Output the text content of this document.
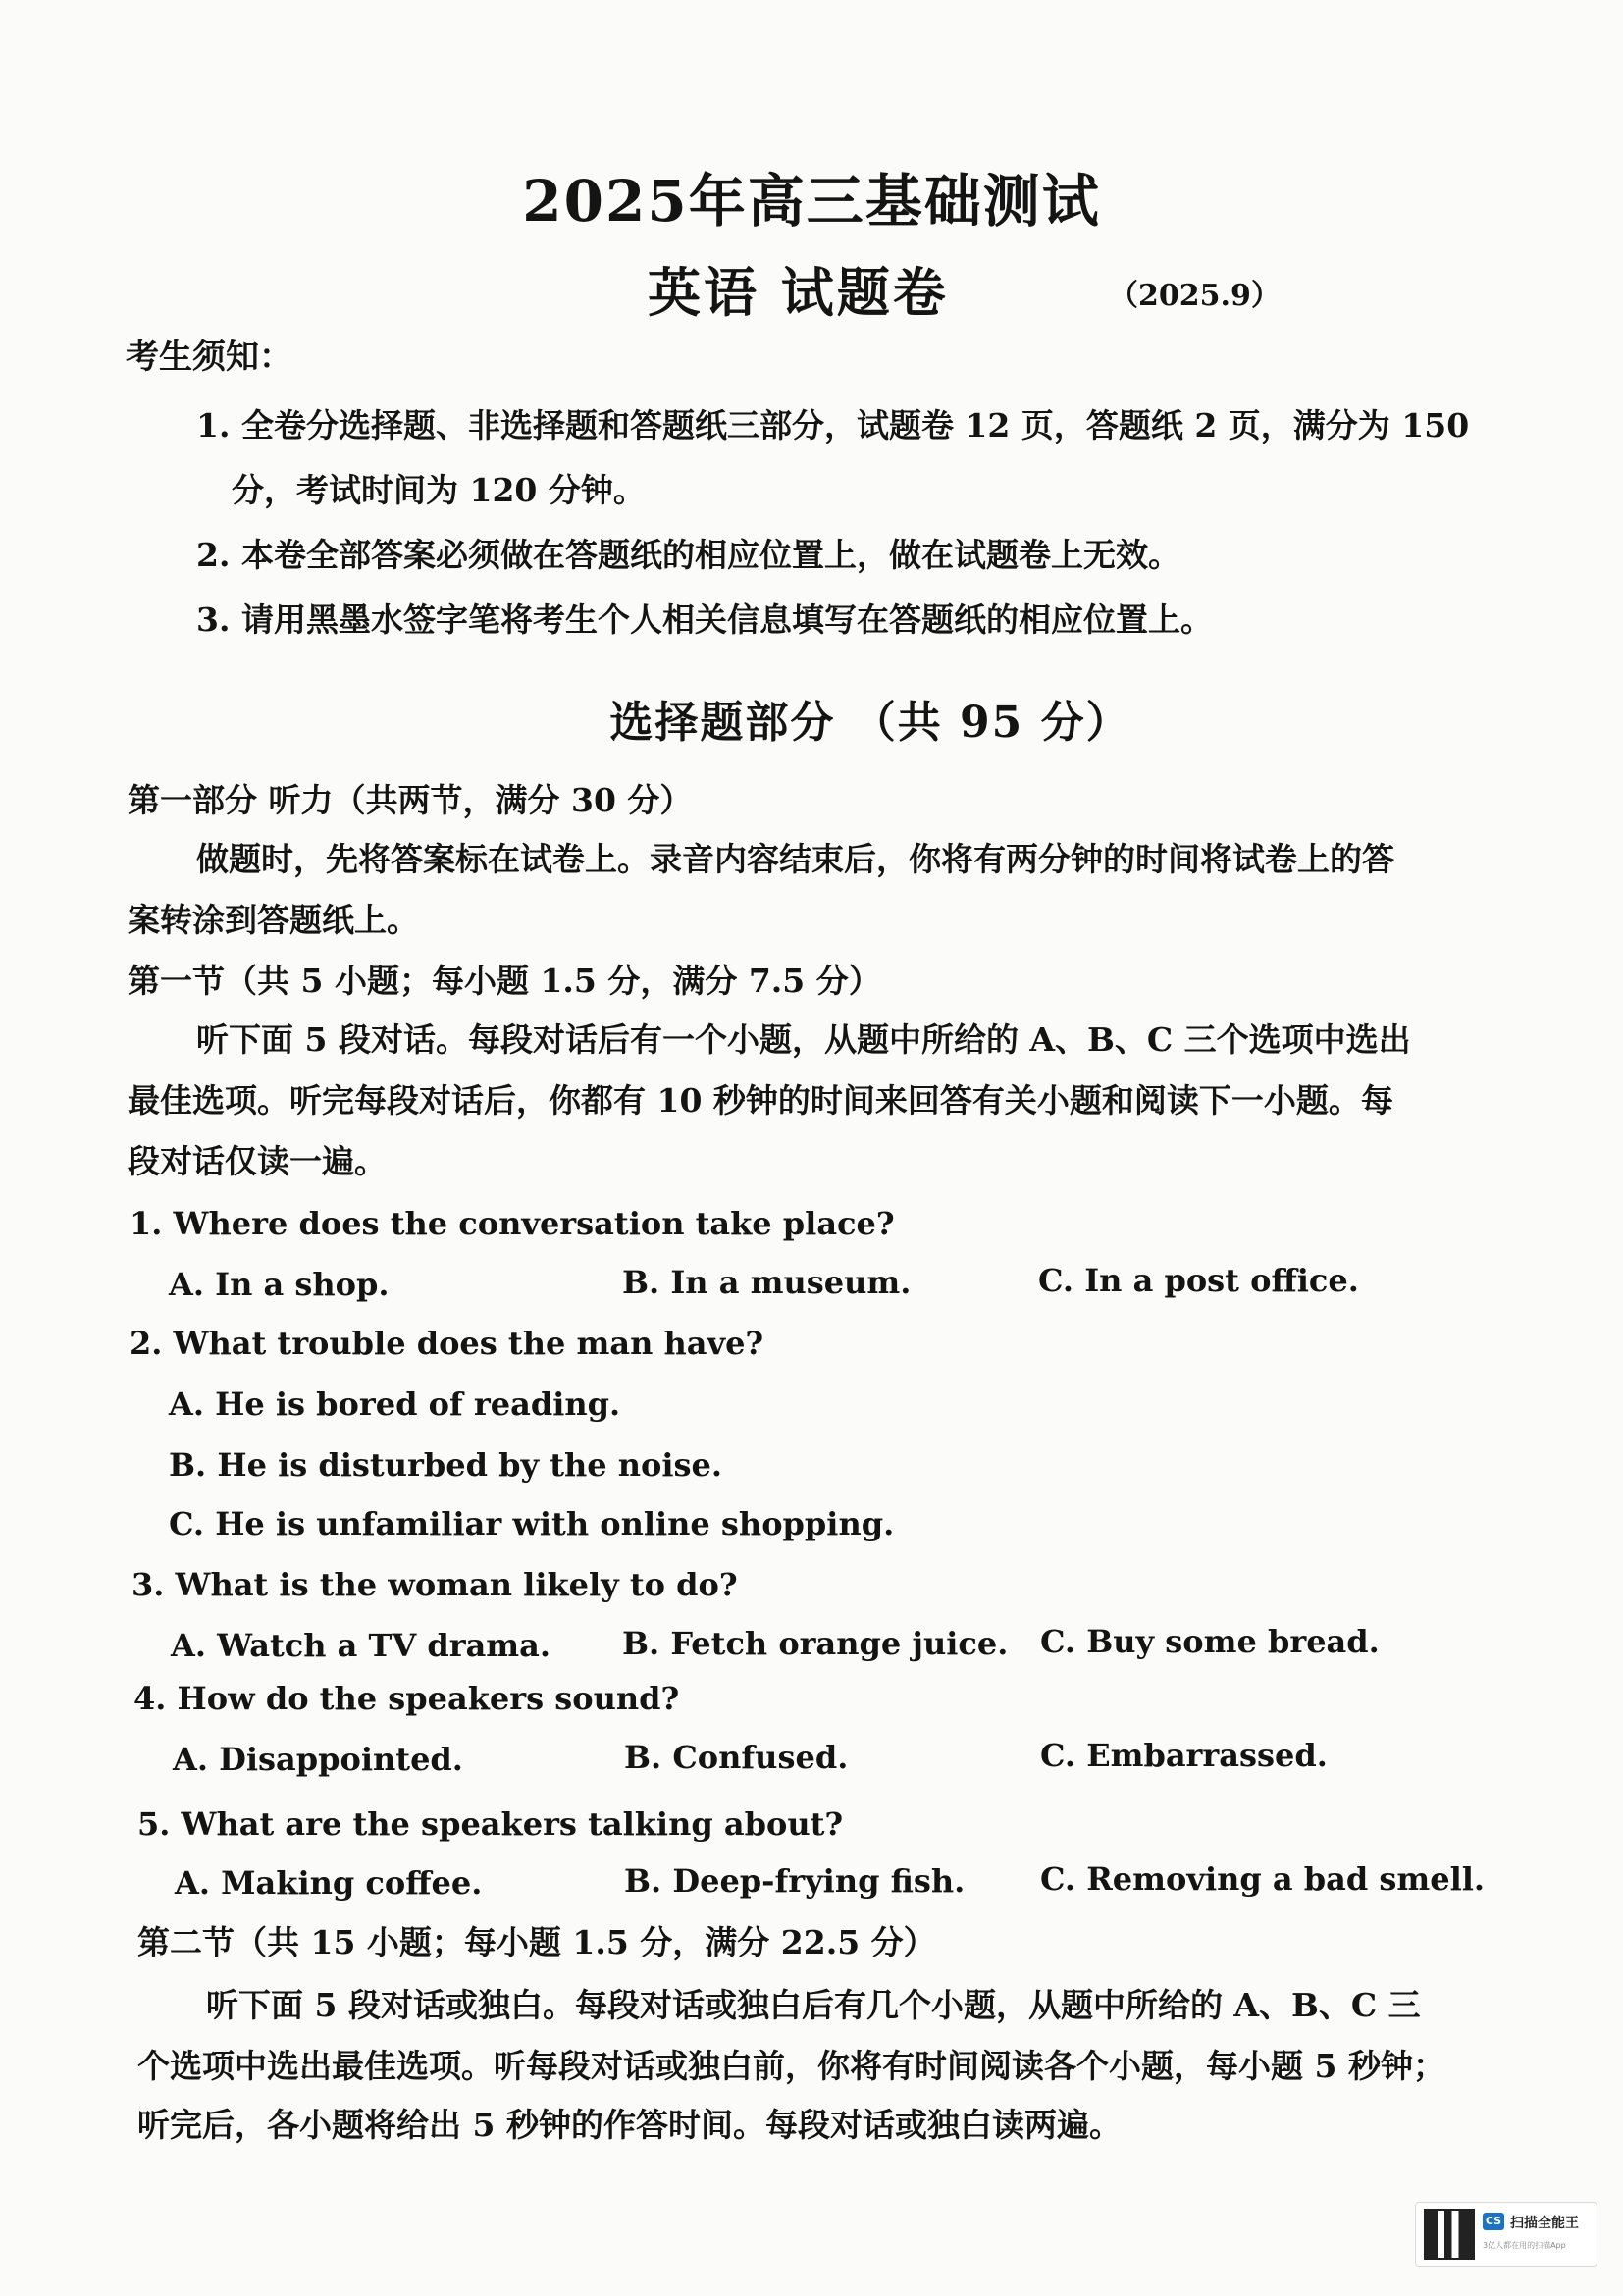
2025年高三基础测试
英语 试题卷	（2025.9）
考生须知：
1. 全卷分选择题、非选择题和答题纸三部分，试题卷 12 页，答题纸 2 页，满分为 150
分，考试时间为 120 分钟。
2. 本卷全部答案必须做在答题纸的相应位置上，做在试题卷上无效。
3. 请用黑墨水签字笔将考生个人相关信息填写在答题纸的相应位置上。
选择题部分 （共 95 分）
第一部分 听力（共两节，满分 30 分）
做题时，先将答案标在试卷上。录音内容结束后，你将有两分钟的时间将试卷上的答
案转涂到答题纸上。
第一节（共 5 小题；每小题 1.5 分，满分 7.5 分）
听下面 5 段对话。每段对话后有一个小题，从题中所给的 A、B、C 三个选项中选出
最佳选项。听完每段对话后，你都有 10 秒钟的时间来回答有关小题和阅读下一小题。每
段对话仅读一遍。
1. Where does the conversation take place?
A. In a shop.	B. In a museum.	C. In a post office.
2. What trouble does the man have?
A. He is bored of reading.
B. He is disturbed by the noise.
C. He is unfamiliar with online shopping.
3. What is the woman likely to do?
A. Watch a TV drama. B. Fetch orange juice. C. Buy some bread.
4. How do the speakers sound?
A. Disappointed.	B. Confused.	C. Embarrassed.
5. What are the speakers talking about?
A. Making coffee.	B. Deep-frying fish. C. Removing a bad smell.
第二节（共 15 小题；每小题 1.5 分，满分 22.5 分）
听下面 5 段对话或独白。每段对话或独白后有几个小题，从题中所给的 A、B、C 三
个选项中选出最佳选项。听每段对话或独白前，你将有时间阅读各个小题，每小题 5 秒钟；
听完后，各小题将给出 5 秒钟的作答时间。每段对话或独白读两遍。
CS 扫描全能王
3亿人都在用的扫描App
